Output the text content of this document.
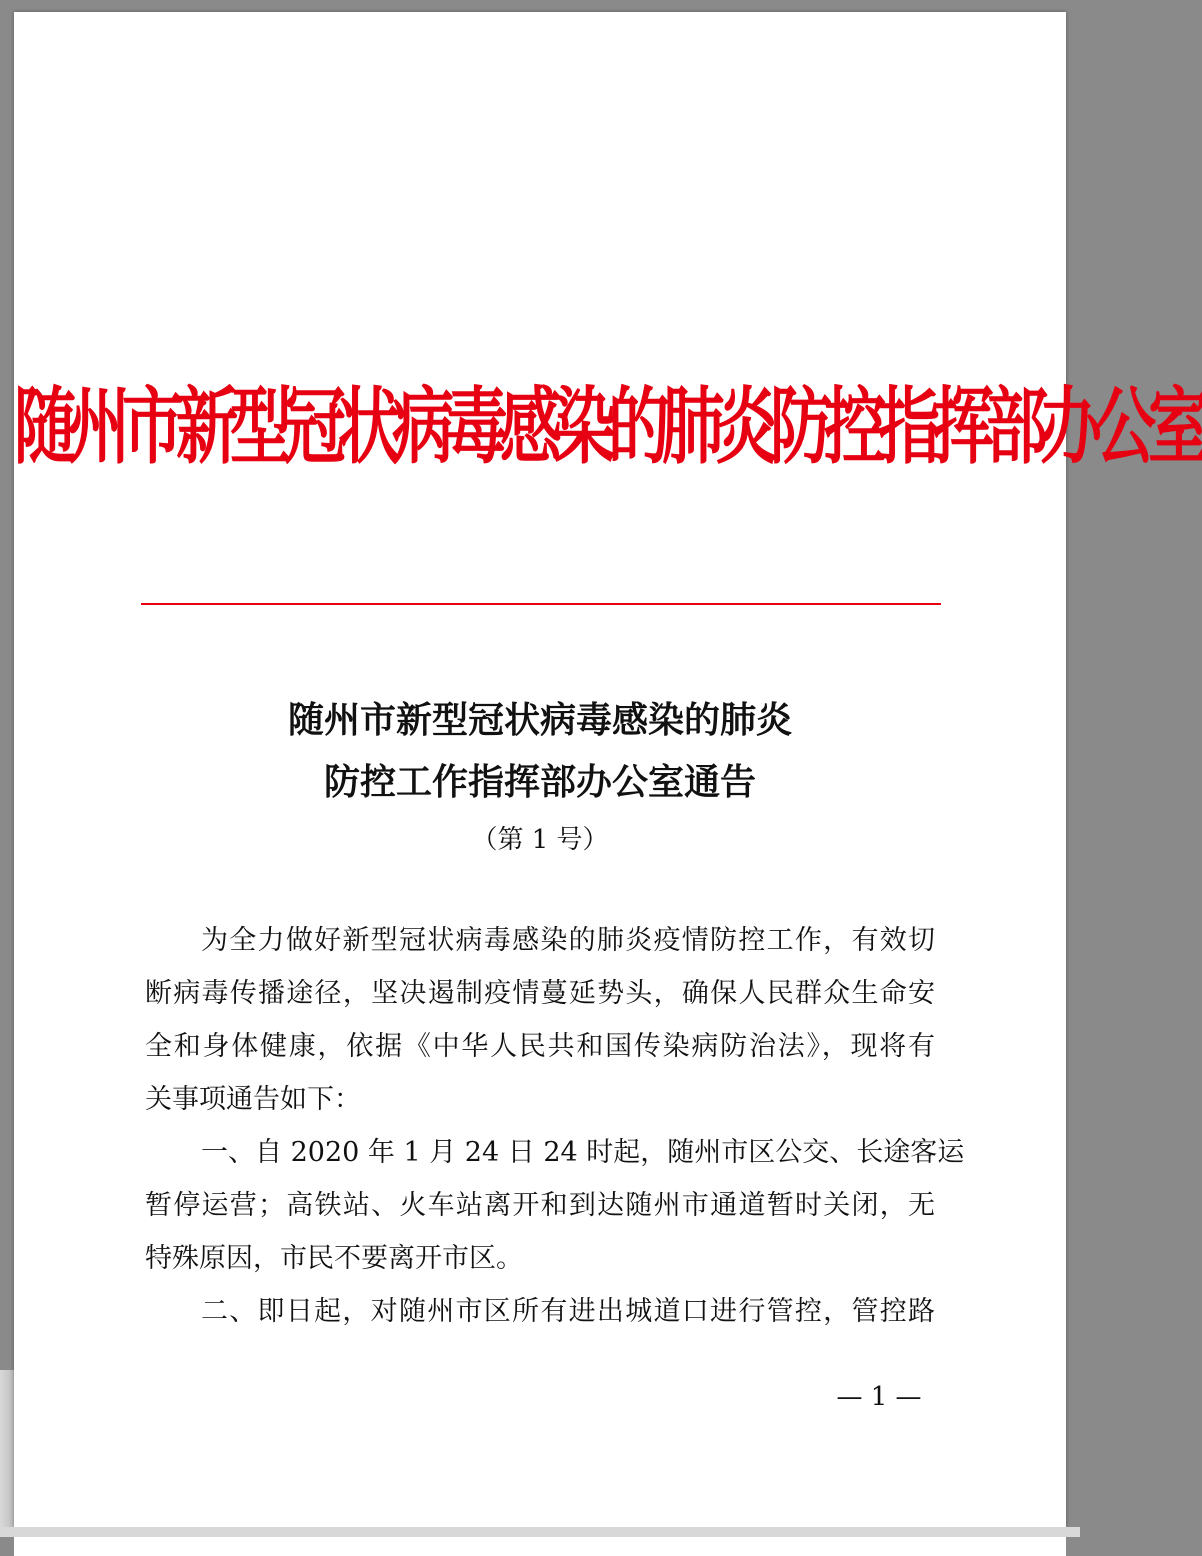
随州市新型冠状病毒感染的肺炎防控指挥部办公室
随州市新型冠状病毒感染的肺炎
防控工作指挥部办公室通告
（第 1 号）
为全力做好新型冠状病毒感染的肺炎疫情防控工作，有效切
断病毒传播途径，坚决遏制疫情蔓延势头，确保人民群众生命安
全和身体健康，依据《中华人民共和国传染病防治法》，现将有
关事项通告如下：
一、自 2020 年 1 月 24 日 24 时起，随州市区公交、长途客运
暂停运营；高铁站、火车站离开和到达随州市通道暂时关闭，无
特殊原因，市民不要离开市区。
二、即日起，对随州市区所有进出城道口进行管控，管控路
— 1 —
